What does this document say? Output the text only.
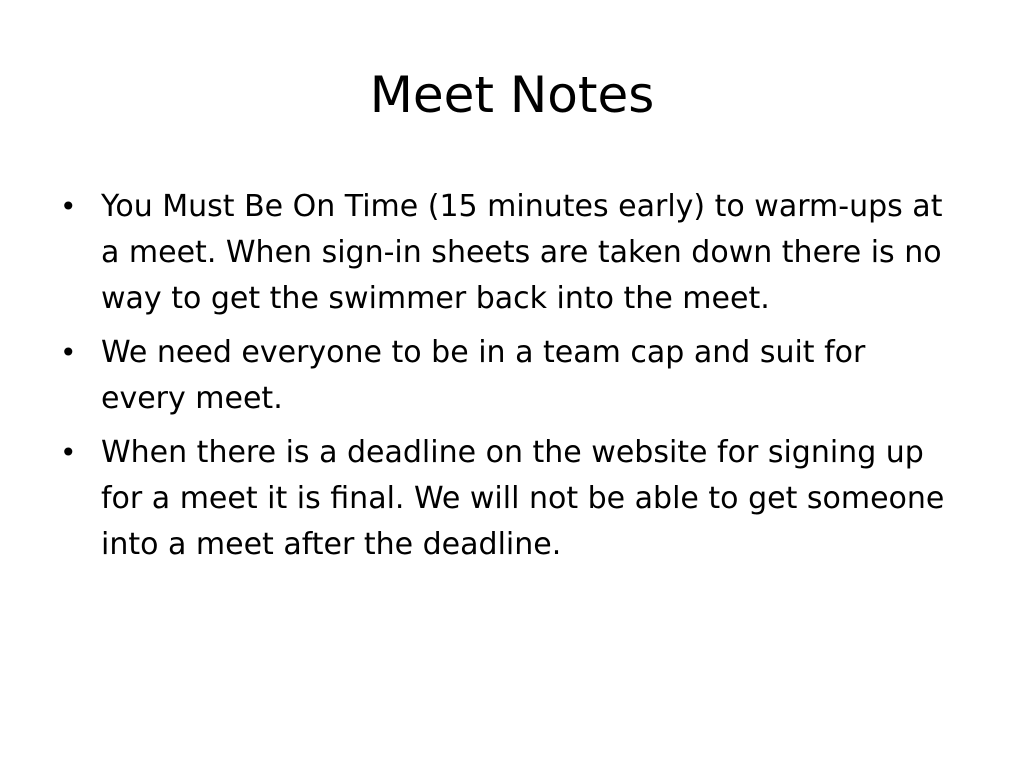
Meet Notes
• You Must Be On Time (15 minutes early) to warm-ups at a meet. When sign-in sheets are taken down there is no way to get the swimmer back into the meet.
• We need everyone to be in a team cap and suit for every meet.
• When there is a deadline on the website for signing up for a meet it is final. We will not be able to get someone into a meet after the deadline.
